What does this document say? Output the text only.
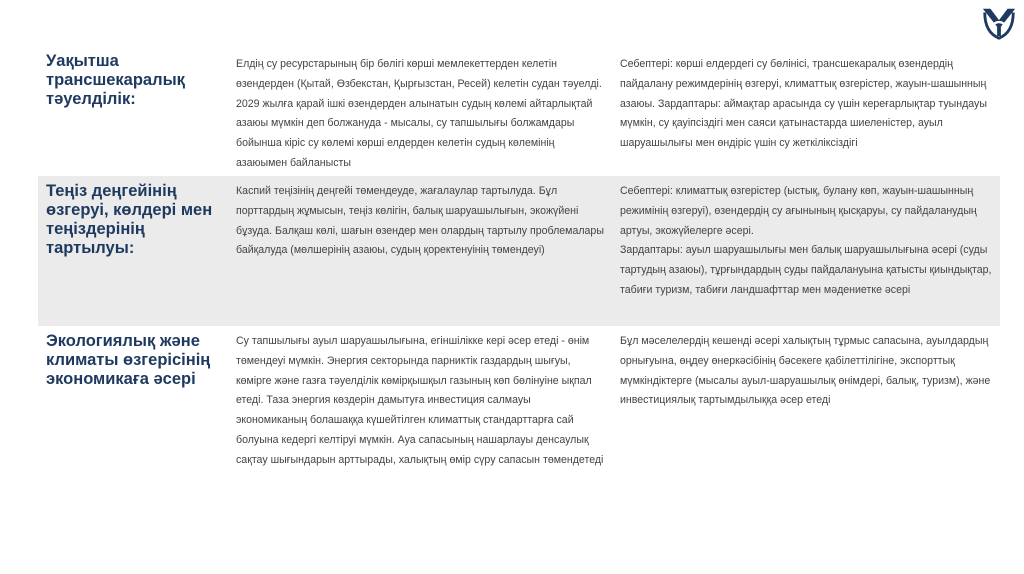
Уақытша трансшекаралық тәуелділік:
Елдің су ресурстарының бір бөлігі көрші мемлекеттерден келетін өзендерден (Қытай, Өзбекстан, Қырғызстан, Ресей) келетін судан тәуелді. 2029 жылға қарай ішкі өзендерден алынатын судың көлемі айтарлықтай азаюы мүмкін деп болжануда - мысалы, су тапшылығы болжамдары бойынша кіріс су көлемі көрші елдерден келетін судың көлемінің азаюымен байланысты
Себептері: көрші елдердегі су бөлінісі, трансшекаралық өзендердің пайдалану режимдерінің өзгеруі, климаттық өзгерістер, жауын-шашынның азаюы. Зардаптары: аймақтар арасында су үшін кереғарлықтар туындауы мүмкін, су қауіпсіздігі мен саяси қатынастарда шиеленістер, ауыл шаруашылығы мен өндіріс үшін су жеткіліксіздігі
Теңіз деңгейінің өзгеруі, көлдері мен теңіздерінің тартылуы:
Каспий теңізінің деңгейі төмендеуде, жағалаулар тартылуда. Бұл порттардың жұмысын, теңіз көлігін, балық шаруашылығын, экожүйені бұзуда. Балқаш көлі, шағын өзендер мен олардың тартылу проблемалары байқалуда (мөлшерінің азаюы, судың қоректенуінің төмендеуі)
Себептері: климаттық өзгерістер (ыстық, булану көп, жауын-шашынның режимінің өзгеруі), өзендердің су ағынының қысқаруы, су пайдаланудың артуы, экожүйелерге әсері.
Зардаптары: ауыл шаруашылығы мен балық шаруашылығына әсері (суды тартудың азаюы), тұрғындардың суды пайдалануына қатысты қиындықтар, табиғи туризм, табиғи ландшафттар мен мәдениетке әсері
Экологиялық және климаты өзгерісінің экономикаға әсері
Су тапшылығы ауыл шаруашылығына, егіншілікке кері әсер етеді - өнім төмендеуі мүмкін. Энергия секторында парниктік газдардың шығуы, көмірге және газға тәуелділік көмірқышқыл газының көп бөлінуіне ықпал етеді. Таза энергия көздерін дамытуға инвестиция салмауы экономиканың болашаққа күшейтілген климаттық стандарттарға сай болуына кедергі келтіруі мүмкін. Ауа сапасының нашарлауы денсаулық сақтау шығындарын арттырады, халықтың өмір сүру сапасын төмендетеді
Бұл мәселелердің кешенді әсері халықтың тұрмыс сапасына, ауылдардың орнығуына, өңдеу өнеркәсібінің бәсекеге қабілеттілігіне, экспорттық мүмкіндіктерге (мысалы ауыл-шаруашылық өнімдері, балық, туризм), және инвестициялық тартымдылыққа әсер етеді
